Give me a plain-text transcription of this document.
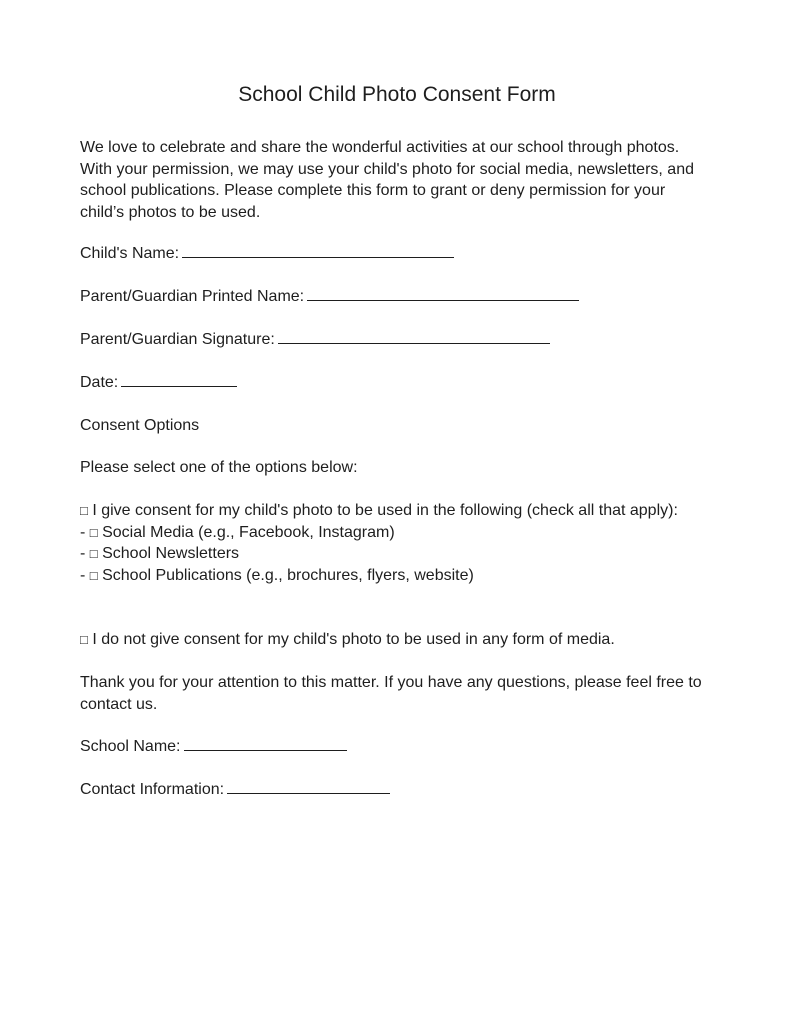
School Child Photo Consent Form

We love to celebrate and share the wonderful activities at our school through photos. With your permission, we may use your child's photo for social media, newsletters, and school publications. Please complete this form to grant or deny permission for your child’s photos to be used.

Child's Name:
Parent/Guardian Printed Name:
Parent/Guardian Signature:
Date:
Consent Options
Please select one of the options below:
□ I give consent for my child's photo to be used in the following (check all that apply):
- □ Social Media (e.g., Facebook, Instagram)
- □ School Newsletters
- □ School Publications (e.g., brochures, flyers, website)
□ I do not give consent for my child's photo to be used in any form of media.

Thank you for your attention to this matter. If you have any questions, please feel free to contact us.

School Name:
Contact Information:
